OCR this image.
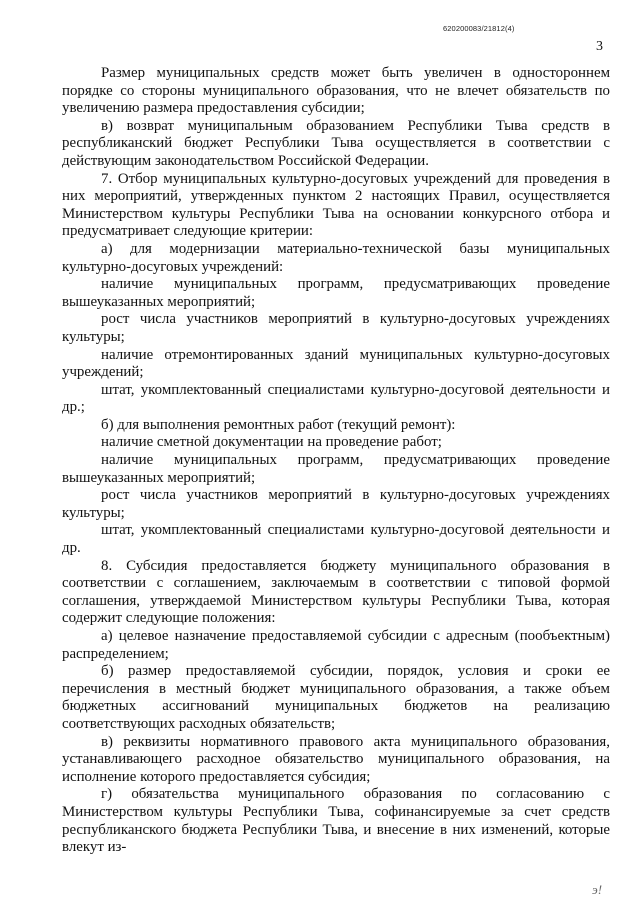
620200083/21812(4)
3

Размер муниципальных средств может быть увеличен в одностороннем порядке со стороны муниципального образования, что не влечет обязательств по увеличению размера предоставления субсидии;

в) возврат муниципальным образованием Республики Тыва средств в республиканский бюджет Республики Тыва осуществляется в соответствии с действующим законодательством Российской Федерации.

7. Отбор муниципальных культурно-досуговых учреждений для проведения в них мероприятий, утвержденных пунктом 2 настоящих Правил, осуществляется Министерством культуры Республики Тыва на основании конкурсного отбора и предусматривает следующие критерии:

а) для модернизации материально-технической базы муниципальных культурно-досуговых учреждений:

наличие муниципальных программ, предусматривающих проведение вышеуказанных мероприятий;

рост числа участников мероприятий в культурно-досуговых учреждениях культуры;

наличие отремонтированных зданий муниципальных культурно-досуговых учреждений;

штат, укомплектованный специалистами культурно-досуговой деятельности и др.;

б) для выполнения ремонтных работ (текущий ремонт):

наличие сметной документации на проведение работ;

наличие муниципальных программ, предусматривающих проведение вышеуказанных мероприятий;

рост числа участников мероприятий в культурно-досуговых учреждениях культуры;

штат, укомплектованный специалистами культурно-досуговой деятельности и др.

8. Субсидия предоставляется бюджету муниципального образования в соответствии с соглашением, заключаемым в соответствии с типовой формой соглашения, утверждаемой Министерством культуры Республики Тыва, которая содержит следующие положения:

а) целевое назначение предоставляемой субсидии с адресным (пообъектным) распределением;

б) размер предоставляемой субсидии, порядок, условия и сроки ее перечисления в местный бюджет муниципального образования, а также объем бюджетных ассигнований муниципальных бюджетов на реализацию соответствующих расходных обязательств;

в) реквизиты нормативного правового акта муниципального образования, устанавливающего расходное обязательство муниципального образования, на исполнение которого предоставляется субсидия;

г) обязательства муниципального образования по согласованию с Министерством культуры Республики Тыва, софинансируемые за счет средств республиканского бюджета Республики Тыва, и внесение в них изменений, которые влекут из-

э!
